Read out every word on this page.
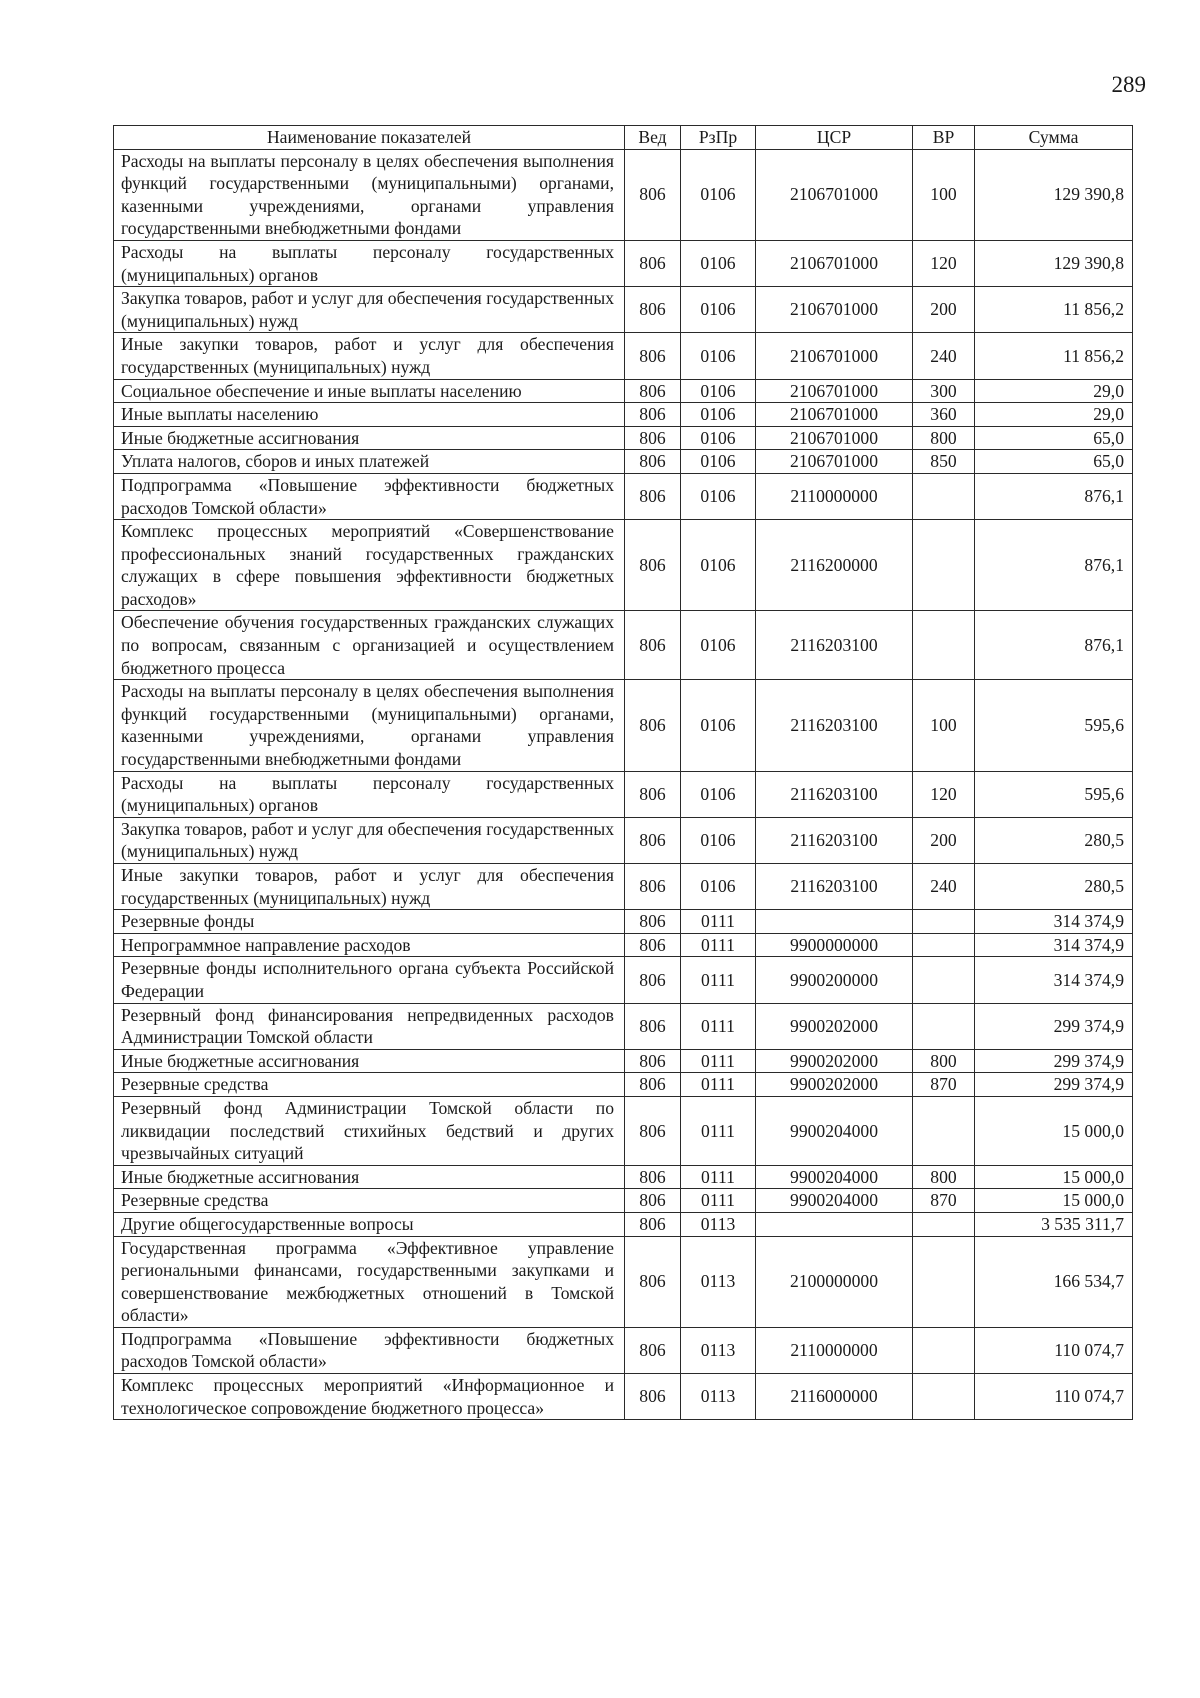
289
Наименование показателей	Вед	РзПр	ЦСР	ВР	Сумма
Расходы на выплаты персоналу в целях обеспечения выполнения функций государственными (муниципальными) органами, казенными учреждениями, органами управления государственными внебюджетными фондами	806	0106	2106701000	100	129 390,8
Расходы на выплаты персоналу государственных (муниципальных) органов	806	0106	2106701000	120	129 390,8
Закупка товаров, работ и услуг для обеспечения государственных (муниципальных) нужд	806	0106	2106701000	200	11 856,2
Иные закупки товаров, работ и услуг для обеспечения государственных (муниципальных) нужд	806	0106	2106701000	240	11 856,2
Социальное обеспечение и иные выплаты населению	806	0106	2106701000	300	29,0
Иные выплаты населению	806	0106	2106701000	360	29,0
Иные бюджетные ассигнования	806	0106	2106701000	800	65,0
Уплата налогов, сборов и иных платежей	806	0106	2106701000	850	65,0
Подпрограмма «Повышение эффективности бюджетных расходов Томской области»	806	0106	2110000000		876,1
Комплекс процессных мероприятий «Совершенствование профессиональных знаний государственных гражданских служащих в сфере повышения эффективности бюджетных расходов»	806	0106	2116200000		876,1
Обеспечение обучения государственных гражданских служащих по вопросам, связанным с организацией и осуществлением бюджетного процесса	806	0106	2116203100		876,1
Расходы на выплаты персоналу в целях обеспечения выполнения функций государственными (муниципальными) органами, казенными учреждениями, органами управления государственными внебюджетными фондами	806	0106	2116203100	100	595,6
Расходы на выплаты персоналу государственных (муниципальных) органов	806	0106	2116203100	120	595,6
Закупка товаров, работ и услуг для обеспечения государственных (муниципальных) нужд	806	0106	2116203100	200	280,5
Иные закупки товаров, работ и услуг для обеспечения государственных (муниципальных) нужд	806	0106	2116203100	240	280,5
Резервные фонды	806	0111			314 374,9
Непрограммное направление расходов	806	0111	9900000000		314 374,9
Резервные фонды исполнительного органа субъекта Российской Федерации	806	0111	9900200000		314 374,9
Резервный фонд финансирования непредвиденных расходов Администрации Томской области	806	0111	9900202000		299 374,9
Иные бюджетные ассигнования	806	0111	9900202000	800	299 374,9
Резервные средства	806	0111	9900202000	870	299 374,9
Резервный фонд Администрации Томской области по ликвидации последствий стихийных бедствий и других чрезвычайных ситуаций	806	0111	9900204000		15 000,0
Иные бюджетные ассигнования	806	0111	9900204000	800	15 000,0
Резервные средства	806	0111	9900204000	870	15 000,0
Другие общегосударственные вопросы	806	0113			3 535 311,7
Государственная программа «Эффективное управление региональными финансами, государственными закупками и совершенствование межбюджетных отношений в Томской области»	806	0113	2100000000		166 534,7
Подпрограмма «Повышение эффективности бюджетных расходов Томской области»	806	0113	2110000000		110 074,7
Комплекс процессных мероприятий «Информационное и технологическое сопровождение бюджетного процесса»	806	0113	2116000000		110 074,7
